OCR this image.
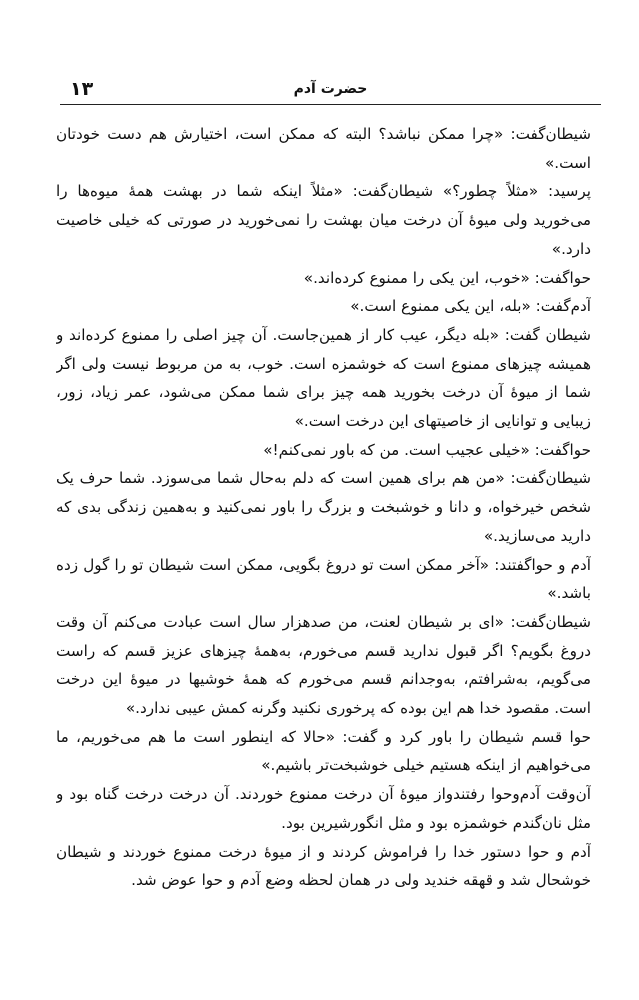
۱۳	حضرت آدم

شیطان‌گفت: «چرا ممکن نباشد؟ البته که ممکن است، اختیارش هم دست خودتان است.»

پرسید: «مثلاً چطور؟» شیطان‌گفت: «مثلاً اینکه شما در بهشت همهٔ میوه‌ها را می‌خورید ولی میوهٔ آن درخت میان بهشت را نمی‌خورید در صورتی که خیلی خاصیت دارد.»

حواگفت: «خوب، این یکی را ممنوع کرده‌اند.»

آدم‌گفت: «بله، این یکی ممنوع است.»

شیطان گفت: «بله دیگر، عیب کار از همین‌جاست. آن چیز اصلی را ممنوع کرده‌اند و همیشه چیزهای ممنوع است که خوشمزه است. خوب، به من مربوط نیست ولی اگر شما از میوهٔ آن درخت بخورید همه چیز برای شما ممکن می‌شود، عمر زیاد، زور، زیبایی و توانایی از خاصیتهای این درخت است.»

حواگفت: «خیلی عجیب است. من که باور نمی‌کنم!»

شیطان‌گفت: «من هم برای همین است که دلم به‌حال شما می‌سوزد. شما حرف یک شخص خیرخواه، و دانا و خوشبخت و بزرگ را باور نمی‌کنید و به‌همین زندگی بدی که دارید می‌سازید.»

آدم و حواگفتند: «آخر ممکن است تو دروغ بگویی، ممکن است شیطان تو را گول زده باشد.»

شیطان‌گفت: «ای بر شیطان لعنت، من صدهزار سال است عبادت می‌کنم آن وقت دروغ بگویم؟ اگر قبول ندارید قسم می‌خورم، به‌همهٔ چیزهای عزیز قسم که راست می‌گویم، به‌شرافتم، به‌وجدانم قسم می‌خورم که همهٔ خوشیها در میوهٔ این درخت است. مقصود خدا هم این بوده که پرخوری نکنید وگرنه کمش عیبی ندارد.»

حوا قسم شیطان را باور کرد و گفت: «حالا که اینطور است ما هم می‌خوریم، ما می‌خواهیم از اینکه هستیم خیلی خوشبخت‌تر باشیم.»

آن‌وقت آدم‌وحوا رفتندواز میوهٔ آن درخت ممنوع خوردند. آن درخت درخت گناه بود و مثل نان‌گندم خوشمزه بود و مثل انگورشیرین بود.

آدم و حوا دستور خدا را فراموش کردند و از میوهٔ درخت ممنوع خوردند و شیطان خوشحال شد و قهقه خندید ولی در همان لحظه وضع آدم و حوا عوض شد.
